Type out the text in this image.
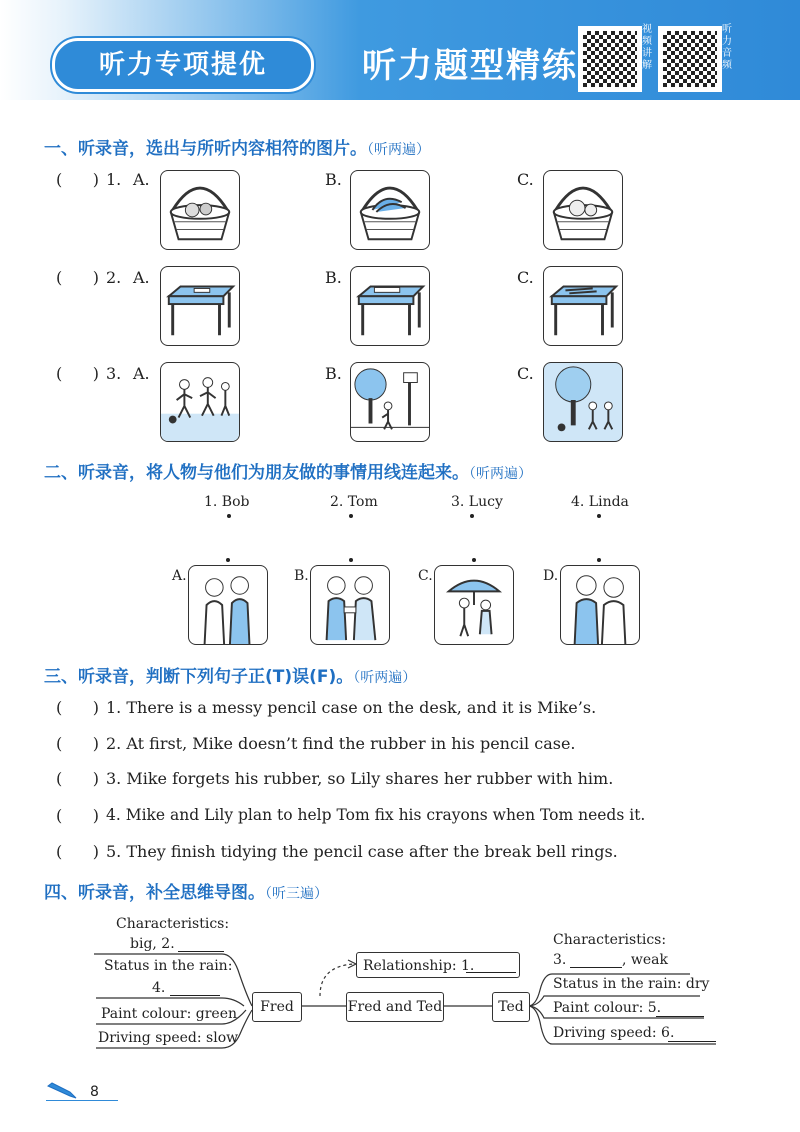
听力专项提优	听力题型精练
视频讲解
听力音频
一、听录音，选出与所听内容相符的图片。（听两遍）
(      ) 1. A.	B.	C.
(      ) 2. A.	B.	C.
(      ) 3. A.	B.	C.
二、听录音，将人物与他们为朋友做的事情用线连起来。（听两遍）
1. Bob	2. Tom	3. Lucy	4. Linda
A.	B.	C.	D.
三、听录音，判断下列句子正(T)误(F)。（听两遍）
(      ) 1. There is a messy pencil case on the desk, and it is Mike’s.
(      ) 2. At first, Mike doesn’t find the rubber in his pencil case.
(      ) 3. Mike forgets his rubber, so Lily shares her rubber with him.
(      ) 4. Mike and Lily plan to help Tom fix his crayons when Tom needs it.
(      ) 5. They finish tidying the pencil case after the break bell rings.
四、听录音，补全思维导图。（听三遍）
Characteristics:
big, 2.
Status in the rain:
4.
Paint colour: green
Driving speed: slow
Fred	Fred and Ted
Relationship: 1.
Ted
Characteristics:
3.	, weak
Status in the rain: dry
Paint colour: 5.
Driving speed: 6.
8
